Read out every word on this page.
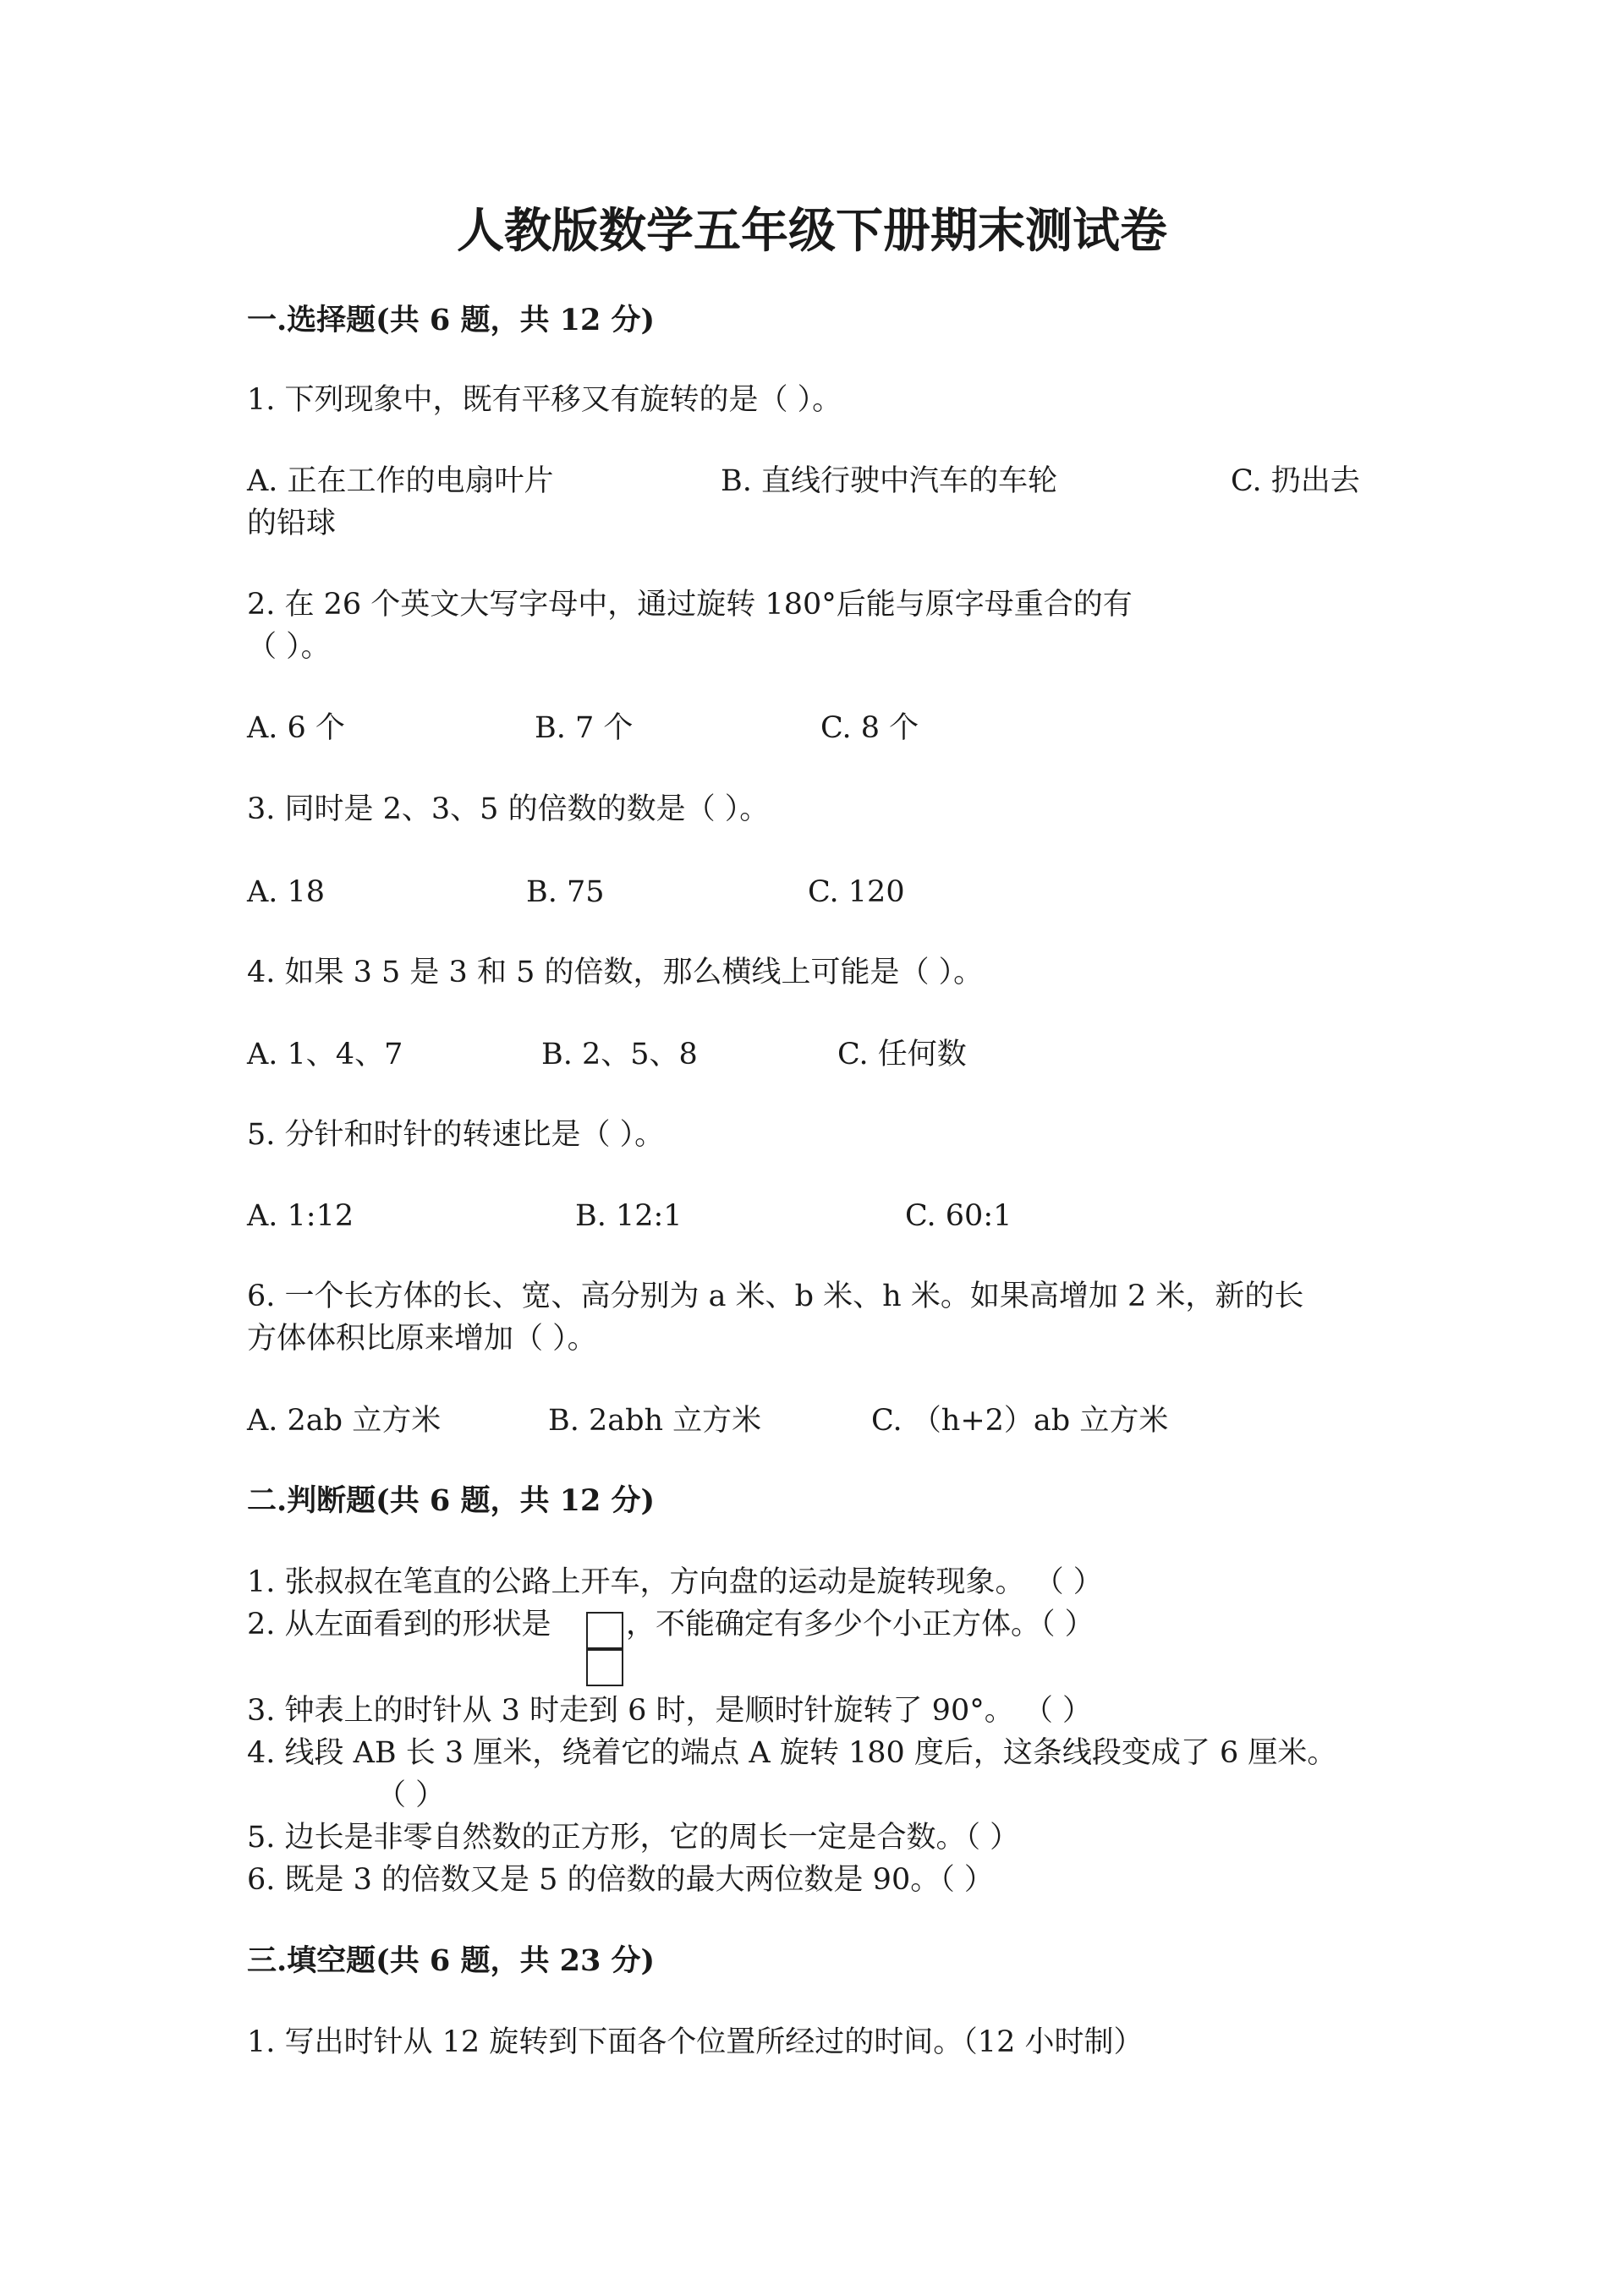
人教版数学五年级下册期末测试卷
一.选择题(共 6 题，共 12 分)
1. 下列现象中，既有平移又有旋转的是（ ）。
A. 正在工作的电扇叶片	B. 直线行驶中汽车的车轮	C. 扔出去
的铅球
2. 在 26 个英文大写字母中，通过旋转 180°后能与原字母重合的有
（ ）。
A. 6 个	B. 7 个	C. 8 个
3. 同时是 2、3、5 的倍数的数是（ ）。
A. 18	B. 75	C. 120
4. 如果 3 5 是 3 和 5 的倍数，那么横线上可能是（ ）。
A. 1、4、7	B. 2、5、8	C. 任何数
5. 分针和时针的转速比是（ ）。
A. 1:12	B. 12:1	C. 60:1
6. 一个长方体的长、宽、高分别为 a 米、b 米、h 米。如果高增加 2 米，新的长
方体体积比原来增加（ ）。
A. 2ab 立方米	B. 2abh 立方米	C. （h+2）ab 立方米
二.判断题(共 6 题，共 12 分)
1. 张叔叔在笔直的公路上开车，方向盘的运动是旋转现象。 （ ）
2. 从左面看到的形状是	，不能确定有多少个小正方体。（ ）
3. 钟表上的时针从 3 时走到 6 时，是顺时针旋转了 90°。 （ ）
4. 线段 AB 长 3 厘米，绕着它的端点 A 旋转 180 度后，这条线段变成了 6 厘米。
（ ）
5. 边长是非零自然数的正方形，它的周长一定是合数。（ ）
6. 既是 3 的倍数又是 5 的倍数的最大两位数是 90。（ ）
三.填空题(共 6 题，共 23 分)
1. 写出时针从 12 旋转到下面各个位置所经过的时间。（12 小时制）
